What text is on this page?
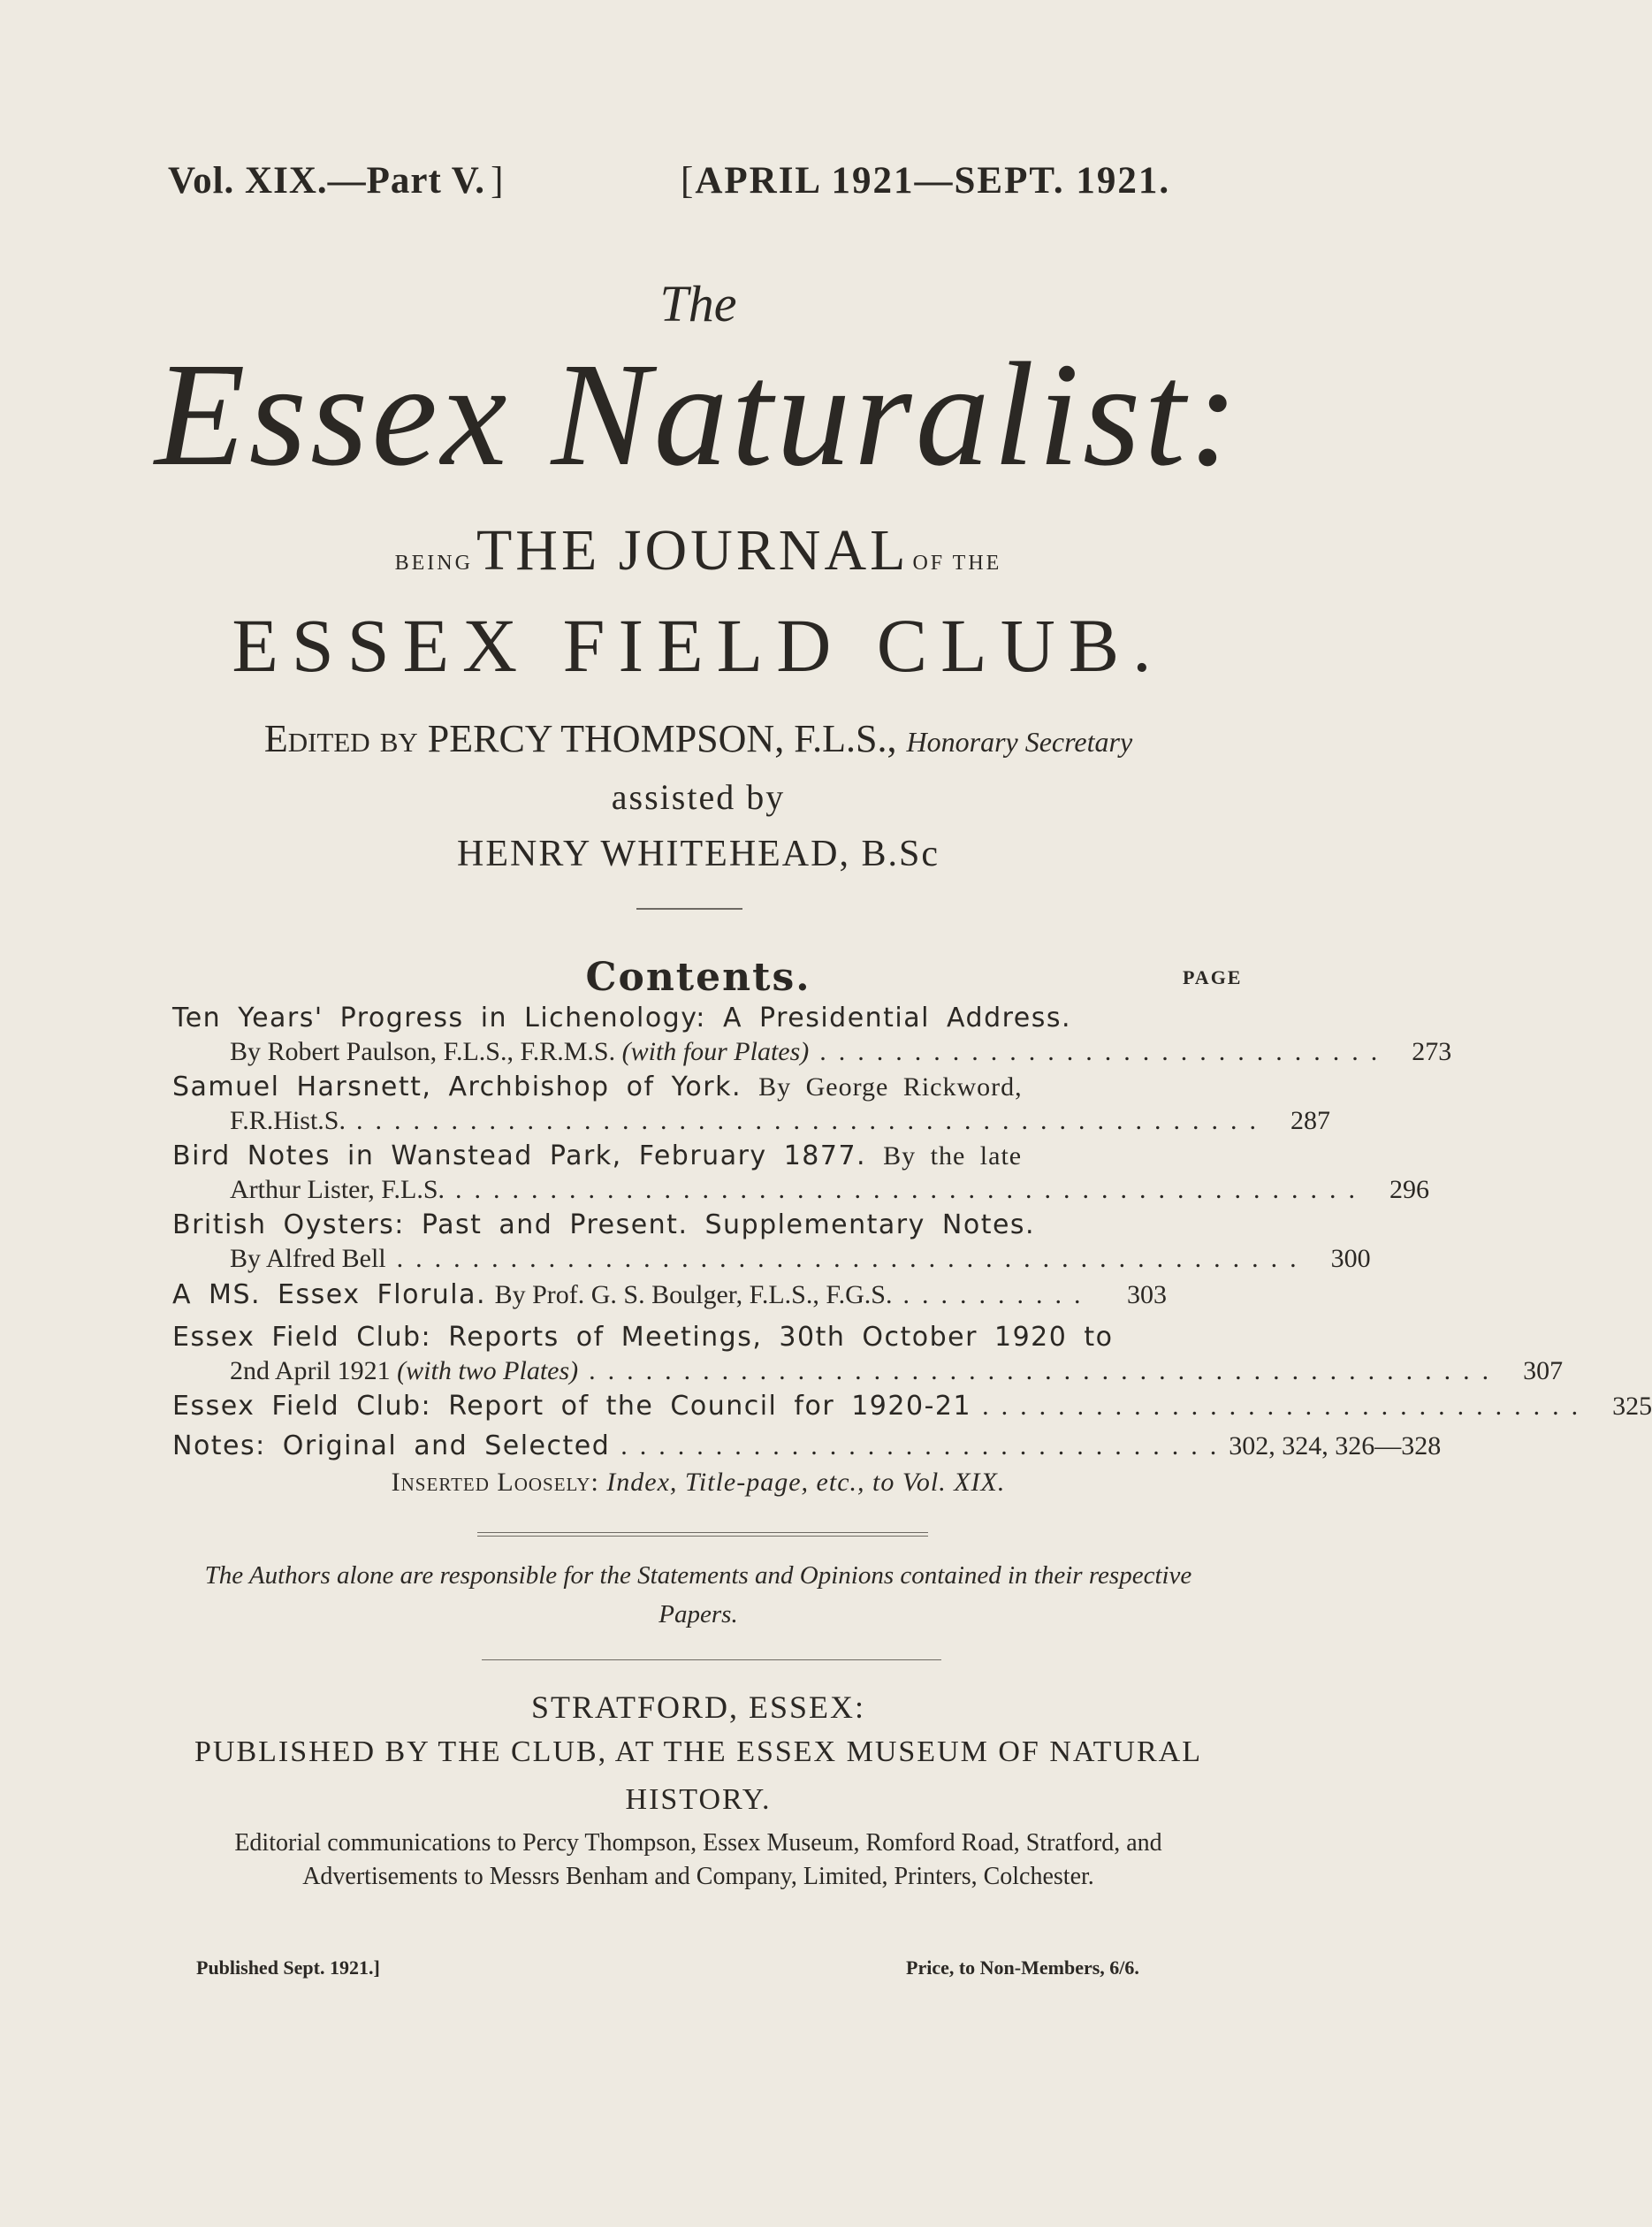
Vol. XIX.—Part V. ]	[APRIL 1921—SEPT. 1921.
The
Essex Naturalist:
BEING THE JOURNAL OF THE
ESSEX FIELD CLUB.
Edited by PERCY THOMPSON, F.L.S., Honorary Secretary
assisted by
HENRY WHITEHEAD, B.Sc
Contents.	PAGE
Ten Years' Progress in Lichenology: A Presidential Address.
By Robert Paulson, F.L.S., F.R.M.S. (with four Plates) .............................. 273
Samuel Harsnett, Archbishop of York. By George Rickword,
F.R.Hist.S. ................................................ 287
Bird Notes in Wanstead Park, February 1877. By the late
Arthur Lister, F.L.S. ................................................ 296
British Oysters: Past and Present. Supplementary Notes.
By Alfred Bell ................................................ 300
A MS. Essex Florula. By Prof. G. S. Boulger, F.L.S., F.G.S. ..........	303
Essex Field Club: Reports of Meetings, 30th October 1920 to
2nd April 1921 (with two Plates) ................................................ 307
Essex Field Club: Report of the Council for 1920-21 ................................ 325
Notes: Original and Selected ................................ 302, 324, 326—328
Inserted Loosely: Index, Title-page, etc., to Vol. XIX.
The Authors alone are responsible for the Statements and Opinions contained in their respective Papers.
STRATFORD, ESSEX:
PUBLISHED BY THE CLUB, AT THE ESSEX MUSEUM OF NATURAL HISTORY.
Editorial communications to Percy Thompson, Essex Museum, Romford Road, Stratford, and Advertisements to Messrs Benham and Company, Limited, Printers, Colchester.
Published Sept. 1921.]	Price, to Non-Members, 6/6.
